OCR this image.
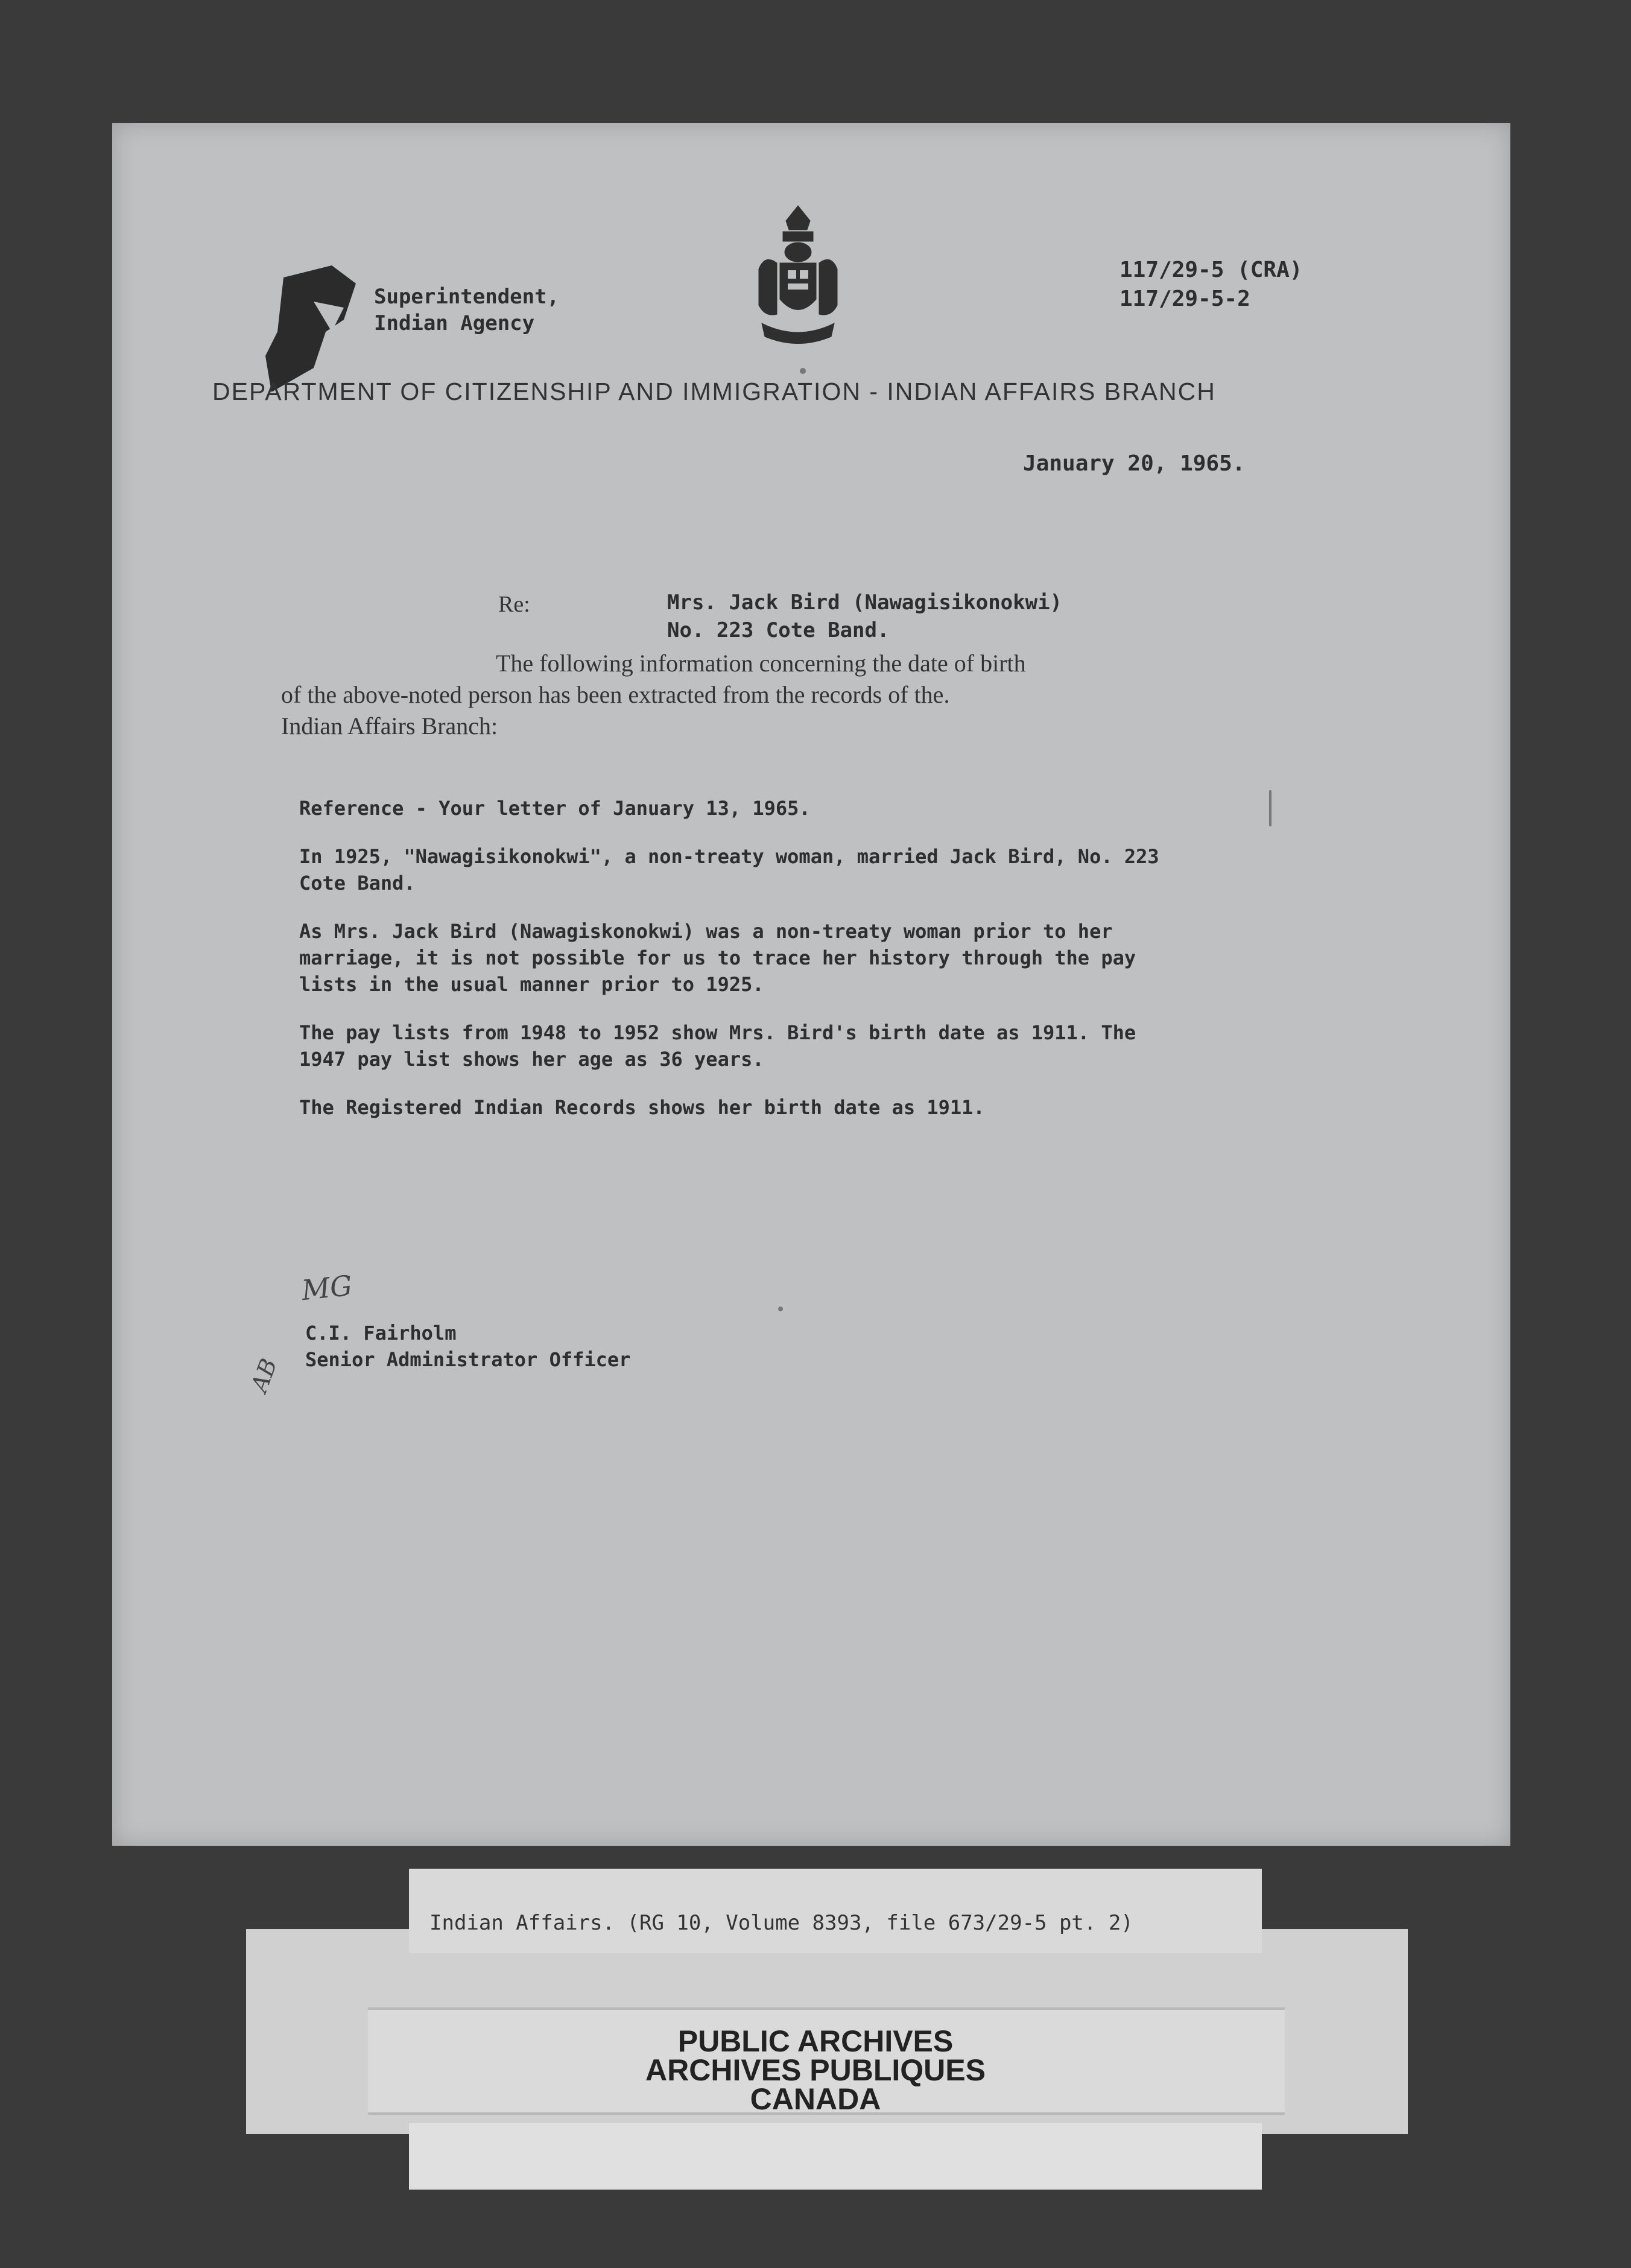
Superintendent,
Indian Agency
117/29-5 (CRA)
117/29-5-2
DEPARTMENT OF CITIZENSHIP AND IMMIGRATION - INDIAN AFFAIRS BRANCH
January 20, 1965.
Re:	Mrs. Jack Bird (Nawagisikonokwi)
No. 223 Cote Band.
The following information concerning the date of birth
of the above-noted person has been extracted from the records of the.
Indian Affairs Branch:

Reference - Your letter of January 13, 1965.

In 1925, "Nawagisikonokwi", a non-treaty woman, married Jack Bird, No. 223
Cote Band.

As Mrs. Jack Bird (Nawagiskonokwi) was a non-treaty woman prior to her
marriage, it is not possible for us to trace her history through the pay
lists in the usual manner prior to 1925.

The pay lists from 1948 to 1952 show Mrs. Bird's birth date as 1911. The
1947 pay list shows her age as 36 years.

The Registered Indian Records shows her birth date as 1911.

MG
AB
C.I. Fairholm
Senior Administrator Officer
Indian Affairs. (RG 10, Volume 8393, file 673/29-5 pt. 2)
PUBLIC ARCHIVES
ARCHIVES PUBLIQUES
CANADA
